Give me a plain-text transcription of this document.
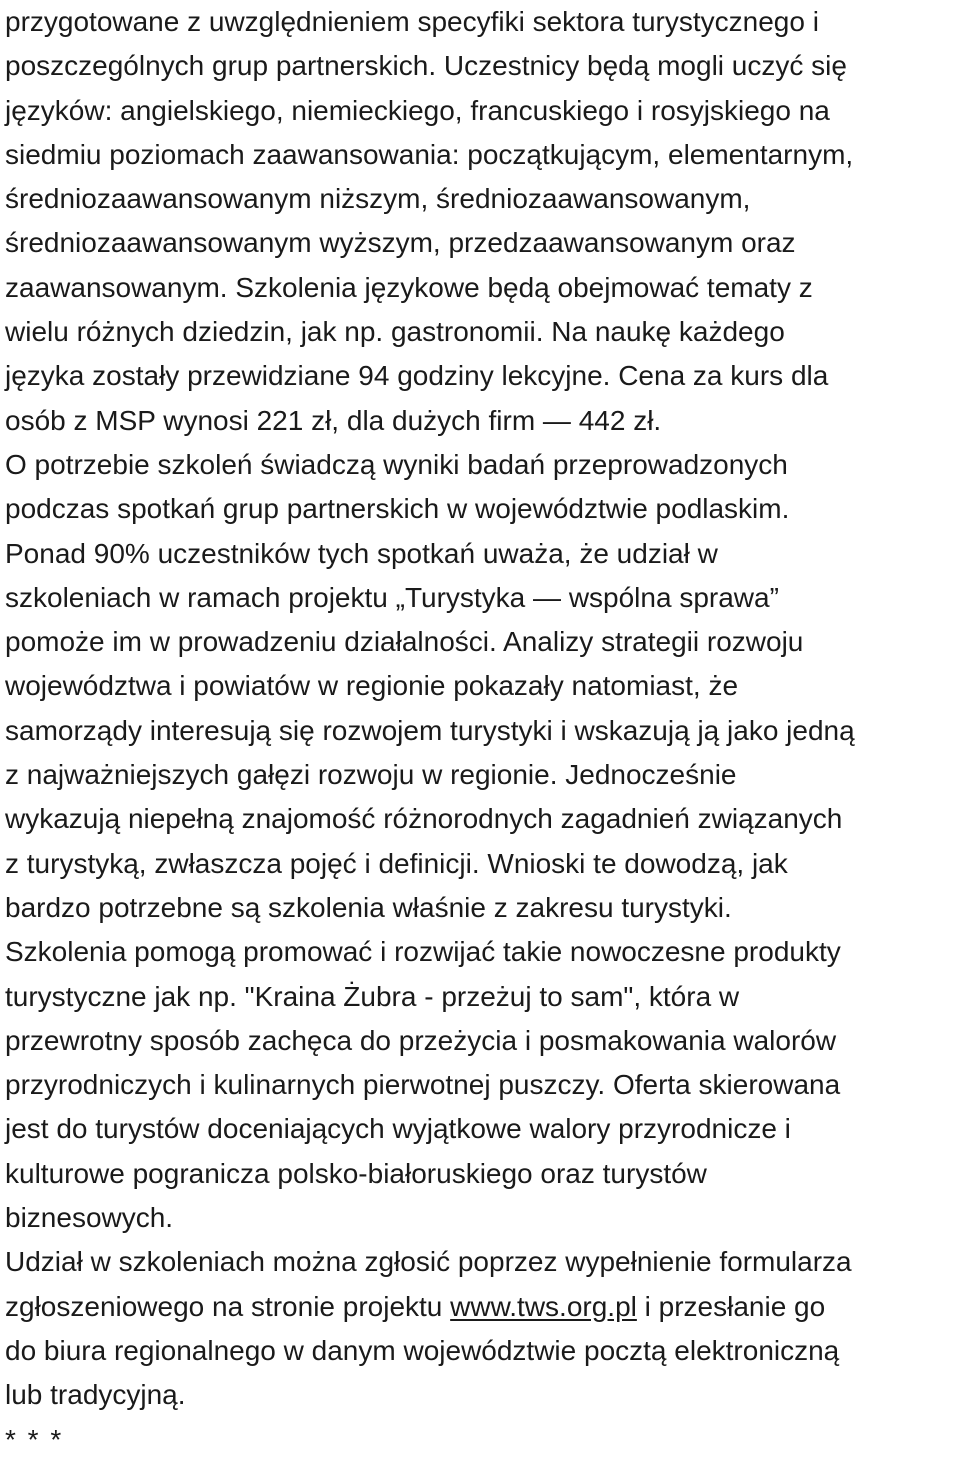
przygotowane z uwzględnieniem specyfiki sektora turystycznego i
poszczególnych grup partnerskich. Uczestnicy będą mogli uczyć się
języków: angielskiego, niemieckiego, francuskiego i rosyjskiego na
siedmiu poziomach zaawansowania: początkującym, elementarnym,
średniozaawansowanym niższym, średniozaawansowanym,
średniozaawansowanym wyższym, przedzaawansowanym oraz
zaawansowanym. Szkolenia językowe będą obejmować tematy z
wielu różnych dziedzin, jak np. gastronomii. Na naukę każdego
języka zostały przewidziane 94 godziny lekcyjne. Cena za kurs dla
osób z MSP wynosi 221 zł, dla dużych firm — 442 zł.
O potrzebie szkoleń świadczą wyniki badań przeprowadzonych
podczas spotkań grup partnerskich w województwie podlaskim.
Ponad 90% uczestników tych spotkań uważa, że udział w
szkoleniach w ramach projektu „Turystyka — wspólna sprawa”
pomoże im w prowadzeniu działalności. Analizy strategii rozwoju
województwa i powiatów w regionie pokazały natomiast, że
samorządy interesują się rozwojem turystyki i wskazują ją jako jedną
z najważniejszych gałęzi rozwoju w regionie. Jednocześnie
wykazują niepełną znajomość różnorodnych zagadnień związanych
z turystyką, zwłaszcza pojęć i definicji. Wnioski te dowodzą, jak
bardzo potrzebne są szkolenia właśnie z zakresu turystyki.
Szkolenia pomogą promować i rozwijać takie nowoczesne produkty
turystyczne jak np. "Kraina Żubra - przeżuj to sam", która w
przewrotny sposób zachęca do przeżycia i posmakowania walorów
przyrodniczych i kulinarnych pierwotnej puszczy. Oferta skierowana
jest do turystów doceniających wyjątkowe walory przyrodnicze i
kulturowe pogranicza polsko-białoruskiego oraz turystów
biznesowych.
Udział w szkoleniach można zgłosić poprzez wypełnienie formularza
zgłoszeniowego na stronie projektu www.tws.org.pl i przesłanie go
do biura regionalnego w danym województwie pocztą elektroniczną
lub tradycyjną.
* * *
